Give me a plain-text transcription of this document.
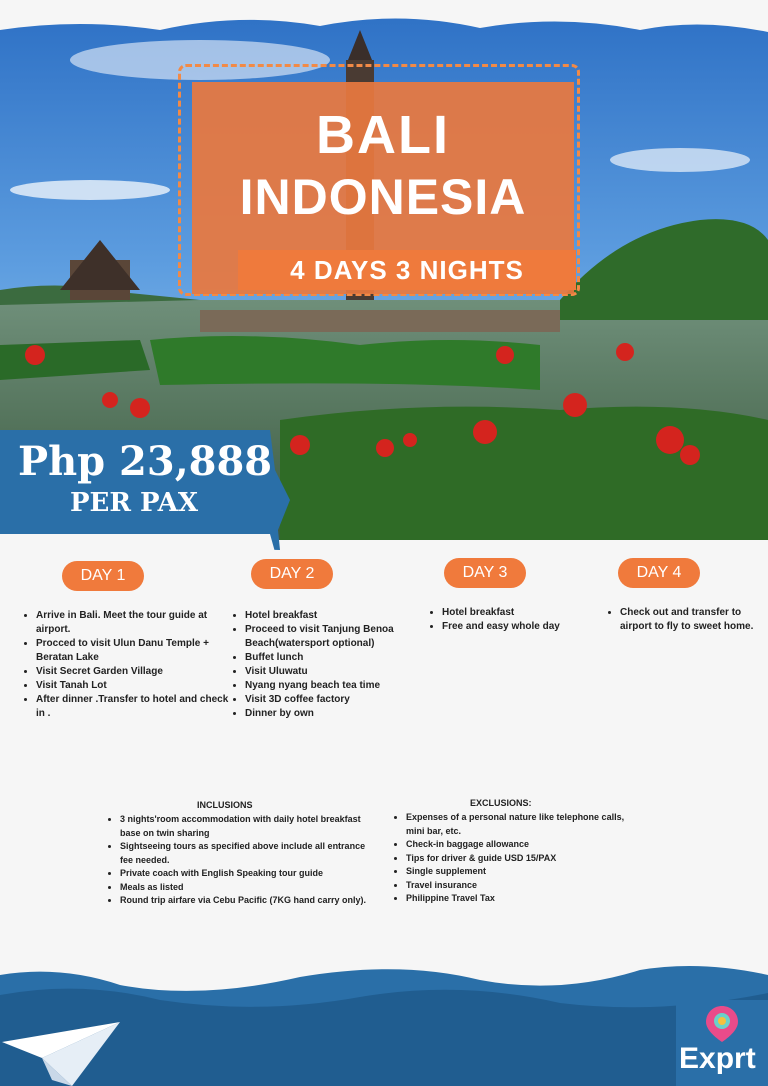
BALI
INDONESIA
4 DAYS 3 NIGHTS
Php 23,888
PER PAX
DAY 1	DAY 2	DAY 3	DAY 4
• Arrive in Bali. Meet the tour guide at airport.
• Procced to visit Ulun Danu Temple + Beratan Lake
• Visit Secret Garden Village
• Visit Tanah Lot
• After dinner .Transfer to hotel and check in .
• Hotel breakfast
• Proceed to visit Tanjung Benoa Beach(watersport optional)
• Buffet lunch
• Visit Uluwatu
• Nyang nyang beach tea time
• Visit 3D coffee factory
• Dinner by own
• Hotel breakfast
• Free and easy whole day
• Check out and transfer to airport to fly to sweet home.
INCLUSIONS
• 3 nights'room accommodation with daily hotel breakfast base on twin sharing
• Sightseeing tours as specified above include all entrance fee needed.
• Private coach with English Speaking tour guide
• Meals as listed
• Round trip airfare via Cebu Pacific (7KG hand carry only).
EXCLUSIONS:
• Expenses of a personal nature like telephone calls, mini bar, etc.
• Check-in baggage allowance
• Tips for driver & guide USD 15/PAX
• Single supplement
• Travel insurance
• Philippine Travel Tax
Exprt
